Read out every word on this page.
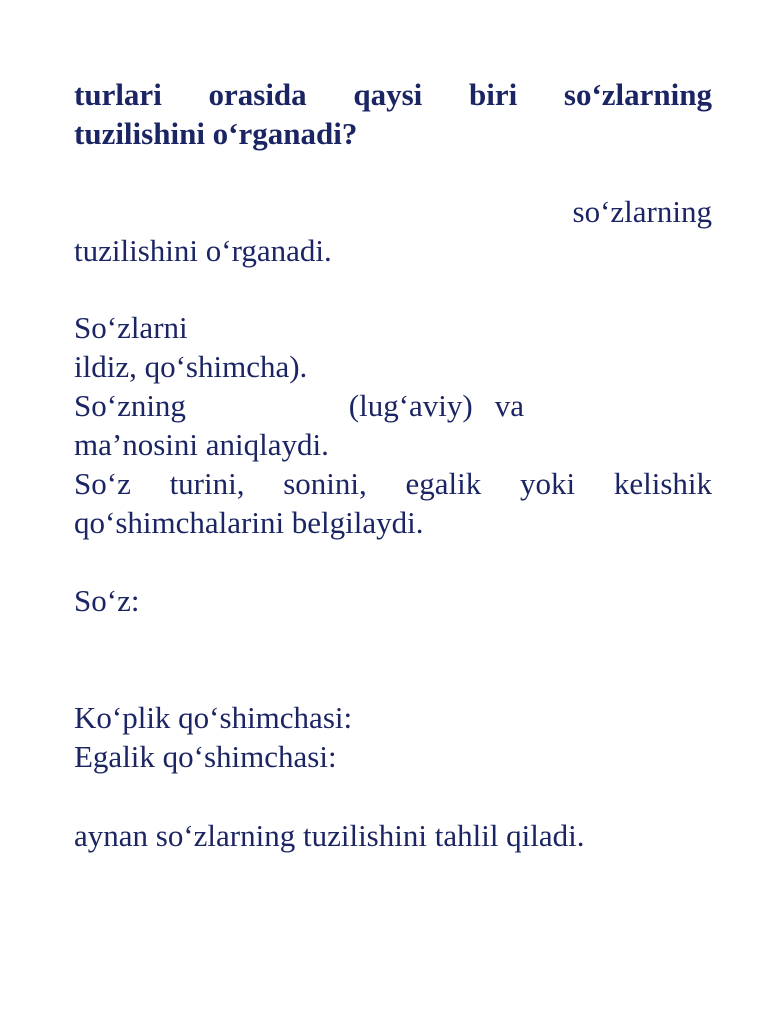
turlari orasida qaysi biri so‘zlarning
tuzilishini o‘rganadi?
so‘zlarning
tuzilishini o‘rganadi.
So‘zlarni
ildiz, qo‘shimcha).
So‘zning	(lug‘aviy) va
ma’nosini aniqlaydi.
So‘z turini, sonini, egalik yoki kelishik
qo‘shimchalarini belgilaydi.
So‘z:
Ko‘plik qo‘shimchasi:
Egalik qo‘shimchasi:
aynan so‘zlarning tuzilishini tahlil qiladi.
